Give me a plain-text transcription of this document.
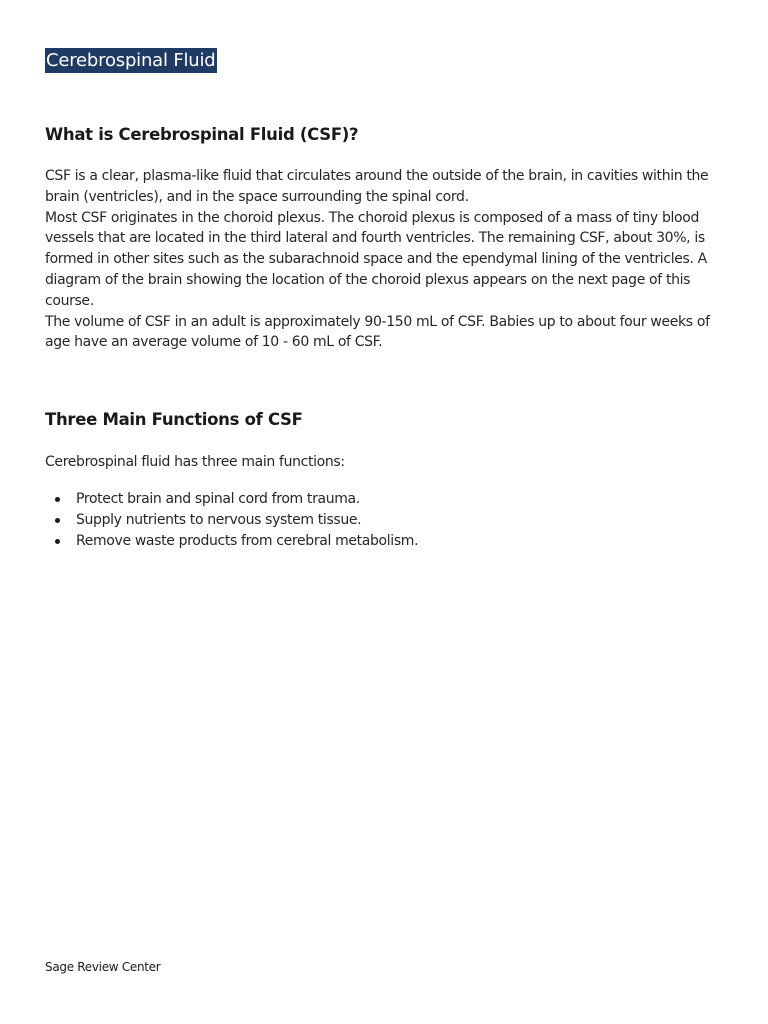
Cerebrospinal Fluid
What is Cerebrospinal Fluid (CSF)?

CSF is a clear, plasma-like fluid that circulates around the outside of the brain, in cavities within the brain (ventricles), and in the space surrounding the spinal cord.

Most CSF originates in the choroid plexus. The choroid plexus is composed of a mass of tiny blood vessels that are located in the third lateral and fourth ventricles. The remaining CSF, about 30%, is formed in other sites such as the subarachnoid space and the ependymal lining of the ventricles. A diagram of the brain showing the location of the choroid plexus appears on the next page of this course.

The volume of CSF in an adult is approximately 90-150 mL of CSF. Babies up to about four weeks of age have an average volume of 10 - 60 mL of CSF.

Three Main Functions of CSF

Cerebrospinal fluid has three main functions:

Protect brain and spinal cord from trauma.
Supply nutrients to nervous system tissue.
Remove waste products from cerebral metabolism.
Sage Review Center
